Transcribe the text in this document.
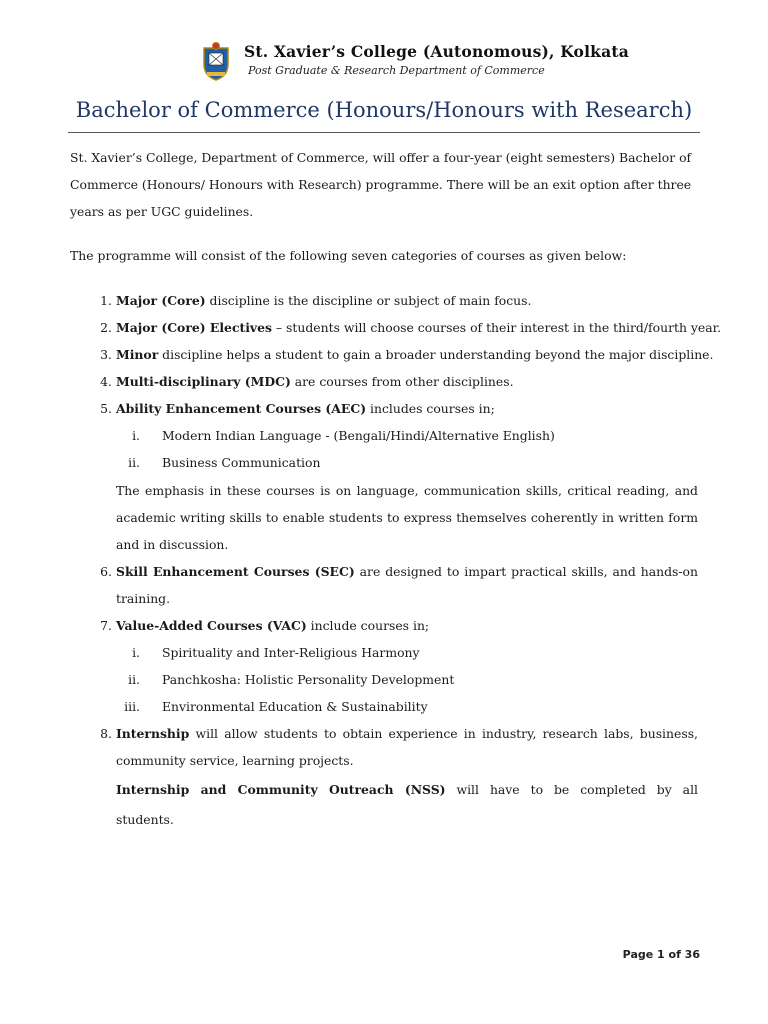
St. Xavier’s College (Autonomous), Kolkata
Post Graduate & Research Department of Commerce
Bachelor of Commerce (Honours/Honours with Research)
St. Xavier’s College, Department of Commerce, will offer a four-year (eight semesters) Bachelor of
Commerce (Honours/ Honours with Research) programme. There will be an exit option after three
years as per UGC guidelines.
The programme will consist of the following seven categories of courses as given below:
1. Major (Core) discipline is the discipline or subject of main focus.
2. Major (Core) Electives – students will choose courses of their interest in the third/fourth year.
3. Minor discipline helps a student to gain a broader understanding beyond the major discipline.
4. Multi-disciplinary (MDC) are courses from other disciplines.
5. Ability Enhancement Courses (AEC) includes courses in;
i. Modern Indian Language - (Bengali/Hindi/Alternative English)
ii. Business Communication
The emphasis in these courses is on language, communication skills, critical reading, and
academic writing skills to enable students to express themselves coherently in written form
and in discussion.
6. Skill Enhancement Courses (SEC) are designed to impart practical skills, and hands-on
training.
7. Value-Added Courses (VAC) include courses in;
i. Spirituality and Inter-Religious Harmony
ii. Panchkosha: Holistic Personality Development
iii. Environmental Education & Sustainability
8. Internship will allow students to obtain experience in industry, research labs, business,
community service, learning projects.
Internship and Community Outreach (NSS) will have to be completed by all
students.
Page 1 of 36
